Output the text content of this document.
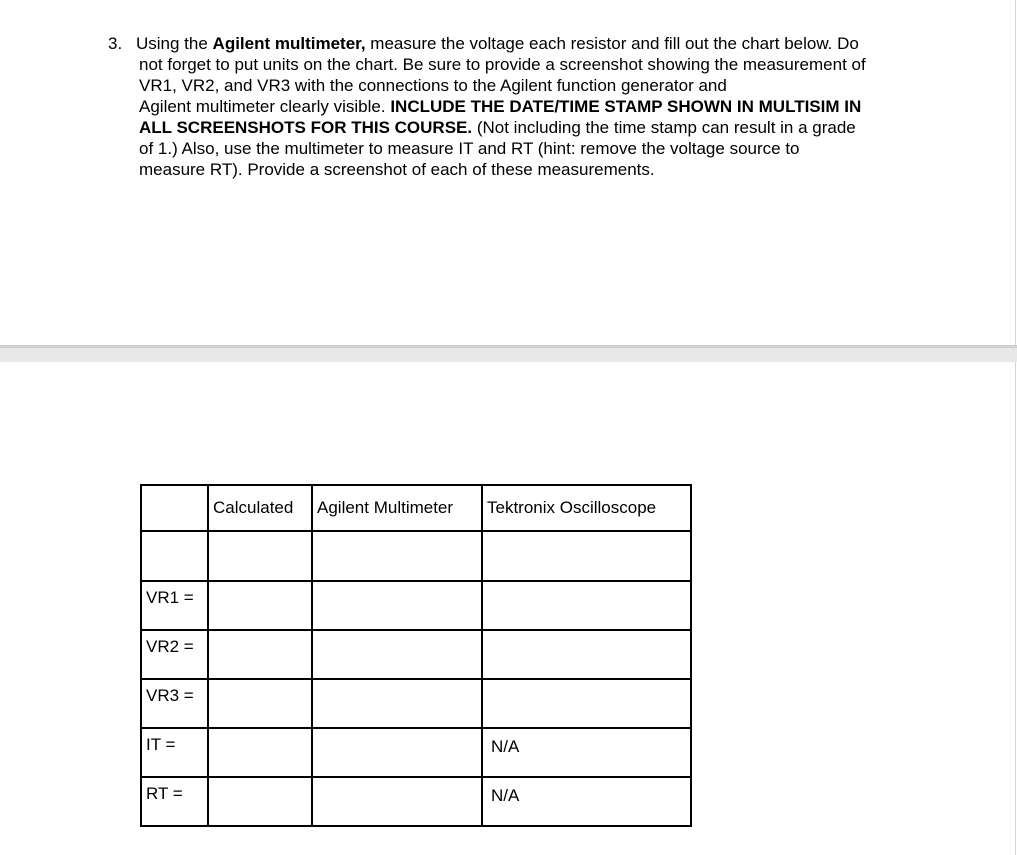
3. Using the Agilent multimeter, measure the voltage each resistor and fill out the chart below. Do
not forget to put units on the chart. Be sure to provide a screenshot showing the measurement of
VR1, VR2, and VR3 with the connections to the Agilent function generator and
Agilent multimeter clearly visible. INCLUDE THE DATE/TIME STAMP SHOWN IN MULTISIM IN
ALL SCREENSHOTS FOR THIS COURSE. (Not including the time stamp can result in a grade
of 1.) Also, use the multimeter to measure IT and RT (hint: remove the voltage source to
measure RT). Provide a screenshot of each of these measurements.
	Calculated	Agilent Multimeter	Tektronix Oscilloscope

VR1 =			
VR2 =			
VR3 =			
IT =			N/A
RT =			N/A
